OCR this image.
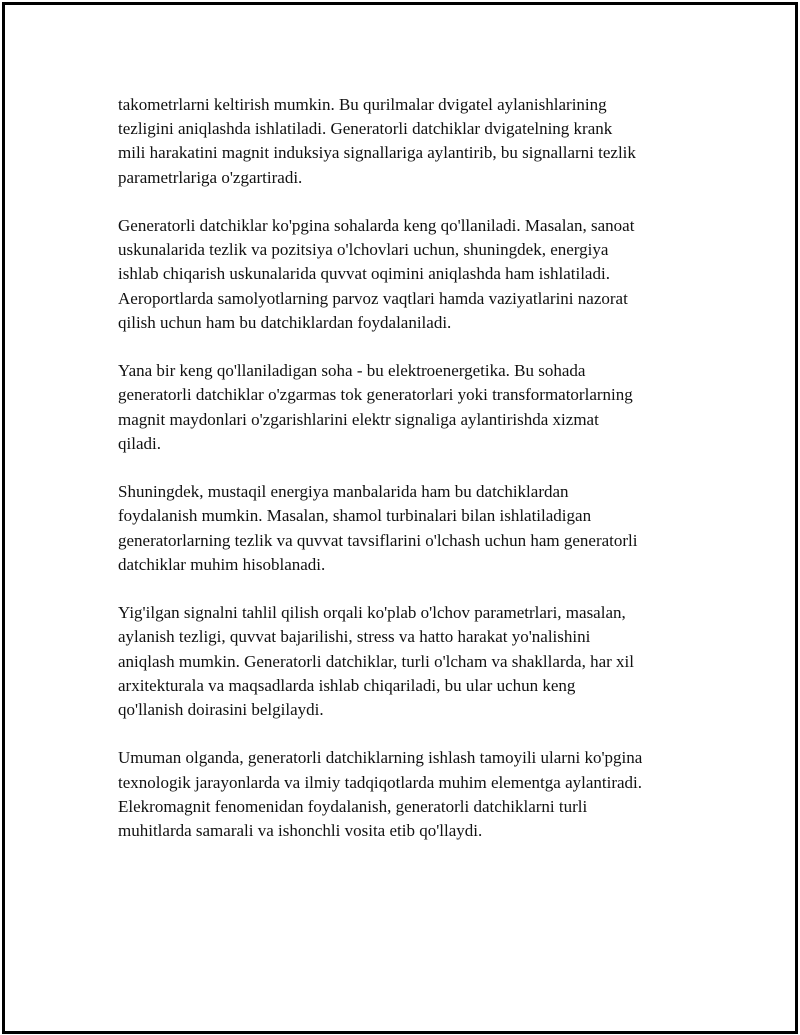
takometrlarni keltirish mumkin. Bu qurilmalar dvigatel aylanishlarining
tezligini aniqlashda ishlatiladi. Generatorli datchiklar dvigatelning krank
mili harakatini magnit induksiya signallariga aylantirib, bu signallarni tezlik
parametrlariga o'zgartiradi.

Generatorli datchiklar ko'pgina sohalarda keng qo'llaniladi. Masalan, sanoat
uskunalarida tezlik va pozitsiya o'lchovlari uchun, shuningdek, energiya
ishlab chiqarish uskunalarida quvvat oqimini aniqlashda ham ishlatiladi.
Aeroportlarda samolyotlarning parvoz vaqtlari hamda vaziyatlarini nazorat
qilish uchun ham bu datchiklardan foydalaniladi.

Yana bir keng qo'llaniladigan soha - bu elektroenergetika. Bu sohada
generatorli datchiklar o'zgarmas tok generatorlari yoki transformatorlarning
magnit maydonlari o'zgarishlarini elektr signaliga aylantirishda xizmat
qiladi.

Shuningdek, mustaqil energiya manbalarida ham bu datchiklardan
foydalanish mumkin. Masalan, shamol turbinalari bilan ishlatiladigan
generatorlarning tezlik va quvvat tavsiflarini o'lchash uchun ham generatorli
datchiklar muhim hisoblanadi.

Yig'ilgan signalni tahlil qilish orqali ko'plab o'lchov parametrlari, masalan,
aylanish tezligi, quvvat bajarilishi, stress va hatto harakat yo'nalishini
aniqlash mumkin. Generatorli datchiklar, turli o'lcham va shakllarda, har xil
arxitekturala va maqsadlarda ishlab chiqariladi, bu ular uchun keng
qo'llanish doirasini belgilaydi.

Umuman olganda, generatorli datchiklarning ishlash tamoyili ularni ko'pgina
texnologik jarayonlarda va ilmiy tadqiqotlarda muhim elementga aylantiradi.
Elekromagnit fenomenidan foydalanish, generatorli datchiklarni turli
muhitlarda samarali va ishonchli vosita etib qo'llaydi.
